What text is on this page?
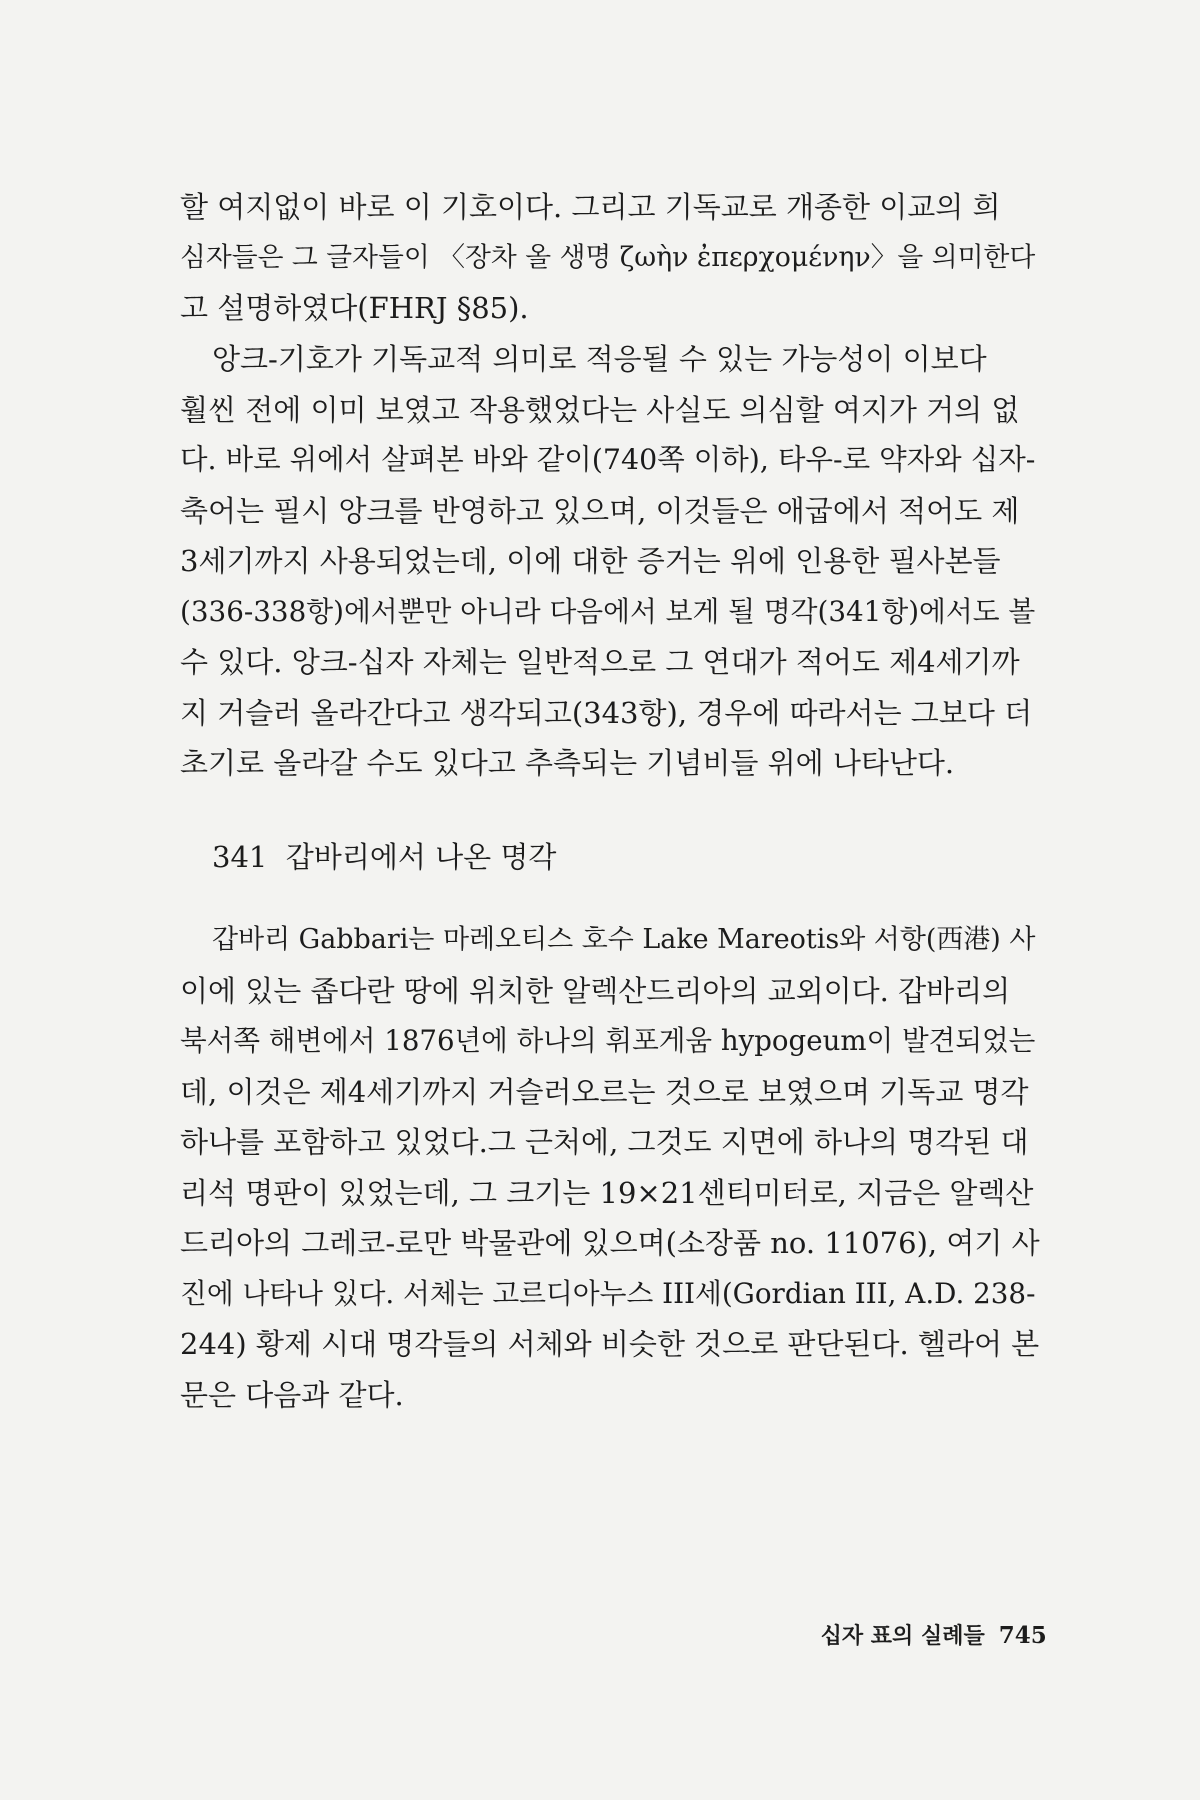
할 여지없이 바로 이 기호이다. 그리고 기독교로 개종한 이교의 희
심자들은 그 글자들이 〈장차 올 생명 ζωὴν ἐπερχομένην〉을 의미한다
고 설명하였다(FHRJ §85).
앙크-기호가 기독교적 의미로 적응될 수 있는 가능성이 이보다
훨씬 전에 이미 보였고 작용했었다는 사실도 의심할 여지가 거의 없
다. 바로 위에서 살펴본 바와 같이(740쪽 이하), 타우-로 약자와 십자-
축어는 필시 앙크를 반영하고 있으며, 이것들은 애굽에서 적어도 제
3세기까지 사용되었는데, 이에 대한 증거는 위에 인용한 필사본들
(336-338항)에서뿐만 아니라 다음에서 보게 될 명각(341항)에서도 볼
수 있다. 앙크-십자 자체는 일반적으로 그 연대가 적어도 제4세기까
지 거슬러 올라간다고 생각되고(343항), 경우에 따라서는 그보다 더
초기로 올라갈 수도 있다고 추측되는 기념비들 위에 나타난다.
341  갑바리에서 나온 명각
갑바리 Gabbari는 마레오티스 호수 Lake Mareotis와 서항(西港) 사
이에 있는 좁다란 땅에 위치한 알렉산드리아의 교외이다. 갑바리의
북서쪽 해변에서 1876년에 하나의 휘포게움 hypogeum이 발견되었는
데, 이것은 제4세기까지 거슬러오르는 것으로 보였으며 기독교 명각
하나를 포함하고 있었다.그 근처에, 그것도 지면에 하나의 명각된 대
리석 명판이 있었는데, 그 크기는 19×21센티미터로, 지금은 알렉산
드리아의 그레코-로만 박물관에 있으며(소장품 no. 11076), 여기 사
진에 나타나 있다. 서체는 고르디아누스 III세(Gordian III, A.D. 238-
244) 황제 시대 명각들의 서체와 비슷한 것으로 판단된다. 헬라어 본
문은 다음과 같다.

십자 표의 실례들 745
